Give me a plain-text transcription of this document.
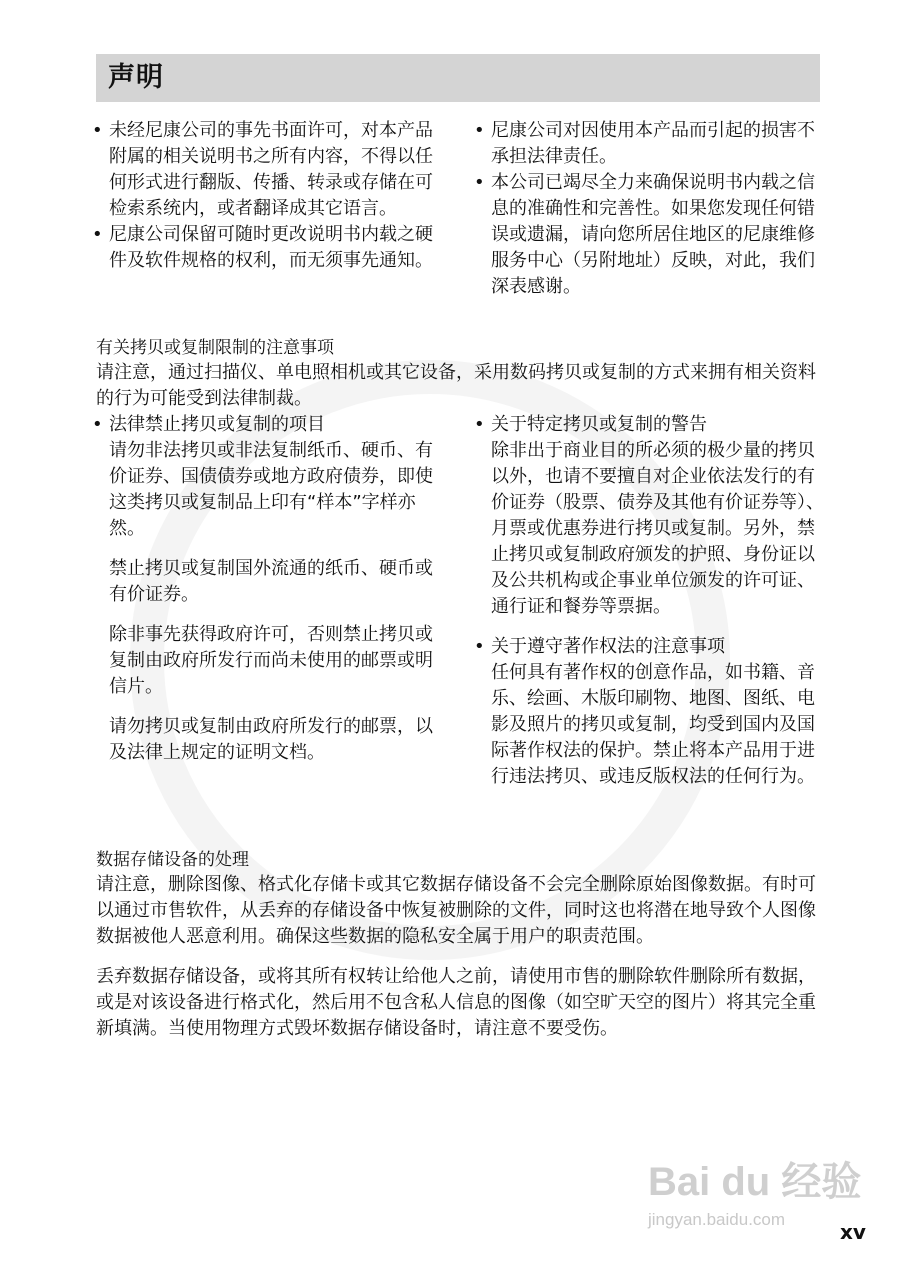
声明

• 未经尼康公司的事先书面许可，对本产品附属的相关说明书之所有内容，不得以任何形式进行翻版、传播、转录或存储在可检索系统内，或者翻译成其它语言。

• 尼康公司保留可随时更改说明书内载之硬件及软件规格的权利，而无须事先通知。

• 尼康公司对因使用本产品而引起的损害不承担法律责任。

• 本公司已竭尽全力来确保说明书内载之信息的准确性和完善性。如果您发现任何错误或遗漏，请向您所居住地区的尼康维修服务中心（另附地址）反映，对此，我们深表感谢。

有关拷贝或复制限制的注意事项

请注意，通过扫描仪、单电照相机或其它设备，采用数码拷贝或复制的方式来拥有相关资料的行为可能受到法律制裁。

• 法律禁止拷贝或复制的项目

请勿非法拷贝或非法复制纸币、硬币、有价证券、国债债券或地方政府债券，即使这类拷贝或复制品上印有“样本”字样亦然。

禁止拷贝或复制国外流通的纸币、硬币或有价证券。

除非事先获得政府许可，否则禁止拷贝或复制由政府所发行而尚未使用的邮票或明信片。

请勿拷贝或复制由政府所发行的邮票，以及法律上规定的证明文档。

• 关于特定拷贝或复制的警告

除非出于商业目的所必须的极少量的拷贝以外，也请不要擅自对企业依法发行的有价证券（股票、债券及其他有价证券等）、月票或优惠券进行拷贝或复制。另外，禁止拷贝或复制政府颁发的护照、身份证以及公共机构或企事业单位颁发的许可证、通行证和餐券等票据。

• 关于遵守著作权法的注意事项

任何具有著作权的创意作品，如书籍、音乐、绘画、木版印刷物、地图、图纸、电影及照片的拷贝或复制，均受到国内及国际著作权法的保护。禁止将本产品用于进行违法拷贝、或违反版权法的任何行为。

数据存储设备的处理

请注意，删除图像、格式化存储卡或其它数据存储设备不会完全删除原始图像数据。有时可以通过市售软件，从丢弃的存储设备中恢复被删除的文件，同时这也将潜在地导致个人图像数据被他人恶意利用。确保这些数据的隐私安全属于用户的职责范围。

丢弃数据存储设备，或将其所有权转让给他人之前，请使用市售的删除软件删除所有数据，或是对该设备进行格式化，然后用不包含私人信息的图像（如空旷天空的图片）将其完全重新填满。当使用物理方式毁坏数据存储设备时，请注意不要受伤。

Bai du 经验
jingyan.baidu.com
xv
